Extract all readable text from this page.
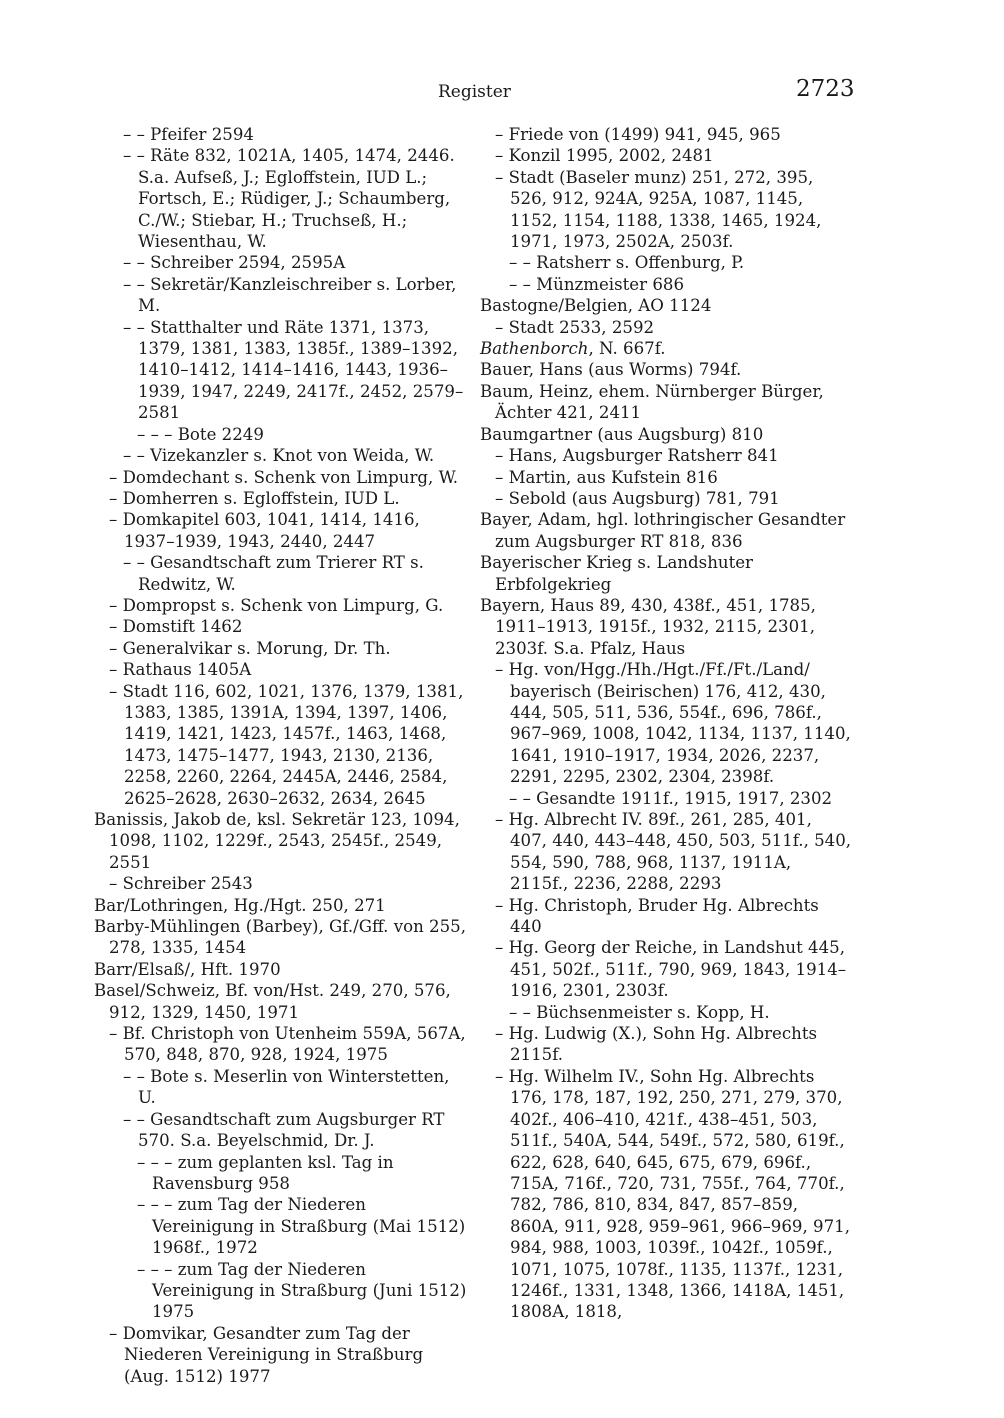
Register	2723

– – Pfeifer 2594

– – Räte 832, 1021A, 1405, 1474, 2446. S.a. Aufseß, J.; Egloffstein, IUD L.; Fortsch, E.; Rüdiger, J.; Schaumberg, C./W.; Stiebar, H.; Truchseß, H.; Wiesenthau, W.

– – Schreiber 2594, 2595A

– – Sekretär/Kanzleischreiber s. Lorber, M.

– – Statthalter und Räte 1371, 1373, 1379, 1381, 1383, 1385f., 1389–1392, 1410–1412, 1414–1416, 1443, 1936–1939, 1947, 2249, 2417f., 2452, 2579–2581

– – – Bote 2249

– – Vizekanzler s. Knot von Weida, W.

– Domdechant s. Schenk von Limpurg, W.

– Domherren s. Egloffstein, IUD L.

– Domkapitel 603, 1041, 1414, 1416, 1937–1939, 1943, 2440, 2447

– – Gesandtschaft zum Trierer RT s. Redwitz, W.

– Dompropst s. Schenk von Limpurg, G.

– Domstift 1462

– Generalvikar s. Morung, Dr. Th.

– Rathaus 1405A

– Stadt 116, 602, 1021, 1376, 1379, 1381, 1383, 1385, 1391A, 1394, 1397, 1406, 1419, 1421, 1423, 1457f., 1463, 1468, 1473, 1475–1477, 1943, 2130, 2136, 2258, 2260, 2264, 2445A, 2446, 2584, 2625–2628, 2630–2632, 2634, 2645

Banissis, Jakob de, ksl. Sekretär 123, 1094, 1098, 1102, 1229f., 2543, 2545f., 2549, 2551

– Schreiber 2543

Bar/Lothringen, Hg./Hgt. 250, 271

Barby-Mühlingen (Barbey), Gf./Gff. von 255, 278, 1335, 1454

Barr/Elsaß/, Hft. 1970

Basel/Schweiz, Bf. von/Hst. 249, 270, 576, 912, 1329, 1450, 1971

– Bf. Christoph von Utenheim 559A, 567A, 570, 848, 870, 928, 1924, 1975

– – Bote s. Meserlin von Winterstetten, U.

– – Gesandtschaft zum Augsburger RT 570. S.a. Beyelschmid, Dr. J.

– – – zum geplanten ksl. Tag in Ravensburg 958

– – – zum Tag der Niederen Vereinigung in Straßburg (Mai 1512) 1968f., 1972

– – – zum Tag der Niederen Vereinigung in Straßburg (Juni 1512) 1975

– Domvikar, Gesandter zum Tag der Niederen Vereinigung in Straßburg (Aug. 1512) 1977

– Friede von (1499) 941, 945, 965

– Konzil 1995, 2002, 2481

– Stadt (Baseler munz) 251, 272, 395, 526, 912, 924A, 925A, 1087, 1145, 1152, 1154, 1188, 1338, 1465, 1924, 1971, 1973, 2502A, 2503f.

– – Ratsherr s. Offenburg, P.

– – Münzmeister 686

Bastogne/Belgien, AO 1124

– Stadt 2533, 2592

Bathenborch, N. 667f.

Bauer, Hans (aus Worms) 794f.

Baum, Heinz, ehem. Nürnberger Bürger, Ächter 421, 2411

Baumgartner (aus Augsburg) 810

– Hans, Augsburger Ratsherr 841

– Martin, aus Kufstein 816

– Sebold (aus Augsburg) 781, 791

Bayer, Adam, hgl. lothringischer Gesandter zum Augsburger RT 818, 836

Bayerischer Krieg s. Landshuter Erbfolgekrieg

Bayern, Haus 89, 430, 438f., 451, 1785, 1911–1913, 1915f., 1932, 2115, 2301, 2303f. S.a. Pfalz, Haus

– Hg. von/Hgg./Hh./Hgt./Ff./Ft./Land/ bayerisch (Beirischen) 176, 412, 430, 444, 505, 511, 536, 554f., 696, 786f., 967–969, 1008, 1042, 1134, 1137, 1140, 1641, 1910–1917, 1934, 2026, 2237, 2291, 2295, 2302, 2304, 2398f.

– – Gesandte 1911f., 1915, 1917, 2302

– Hg. Albrecht IV. 89f., 261, 285, 401, 407, 440, 443–448, 450, 503, 511f., 540, 554, 590, 788, 968, 1137, 1911A, 2115f., 2236, 2288, 2293

– Hg. Christoph, Bruder Hg. Albrechts 440

– Hg. Georg der Reiche, in Landshut 445, 451, 502f., 511f., 790, 969, 1843, 1914–1916, 2301, 2303f.

– – Büchsenmeister s. Kopp, H.

– Hg. Ludwig (X.), Sohn Hg. Albrechts 2115f.

– Hg. Wilhelm IV., Sohn Hg. Albrechts 176, 178, 187, 192, 250, 271, 279, 370, 402f., 406–410, 421f., 438–451, 503, 511f., 540A, 544, 549f., 572, 580, 619f., 622, 628, 640, 645, 675, 679, 696f., 715A, 716f., 720, 731, 755f., 764, 770f., 782, 786, 810, 834, 847, 857–859, 860A, 911, 928, 959–961, 966–969, 971, 984, 988, 1003, 1039f., 1042f., 1059f., 1071, 1075, 1078f., 1135, 1137f., 1231, 1246f., 1331, 1348, 1366, 1418A, 1451, 1808A, 1818,
